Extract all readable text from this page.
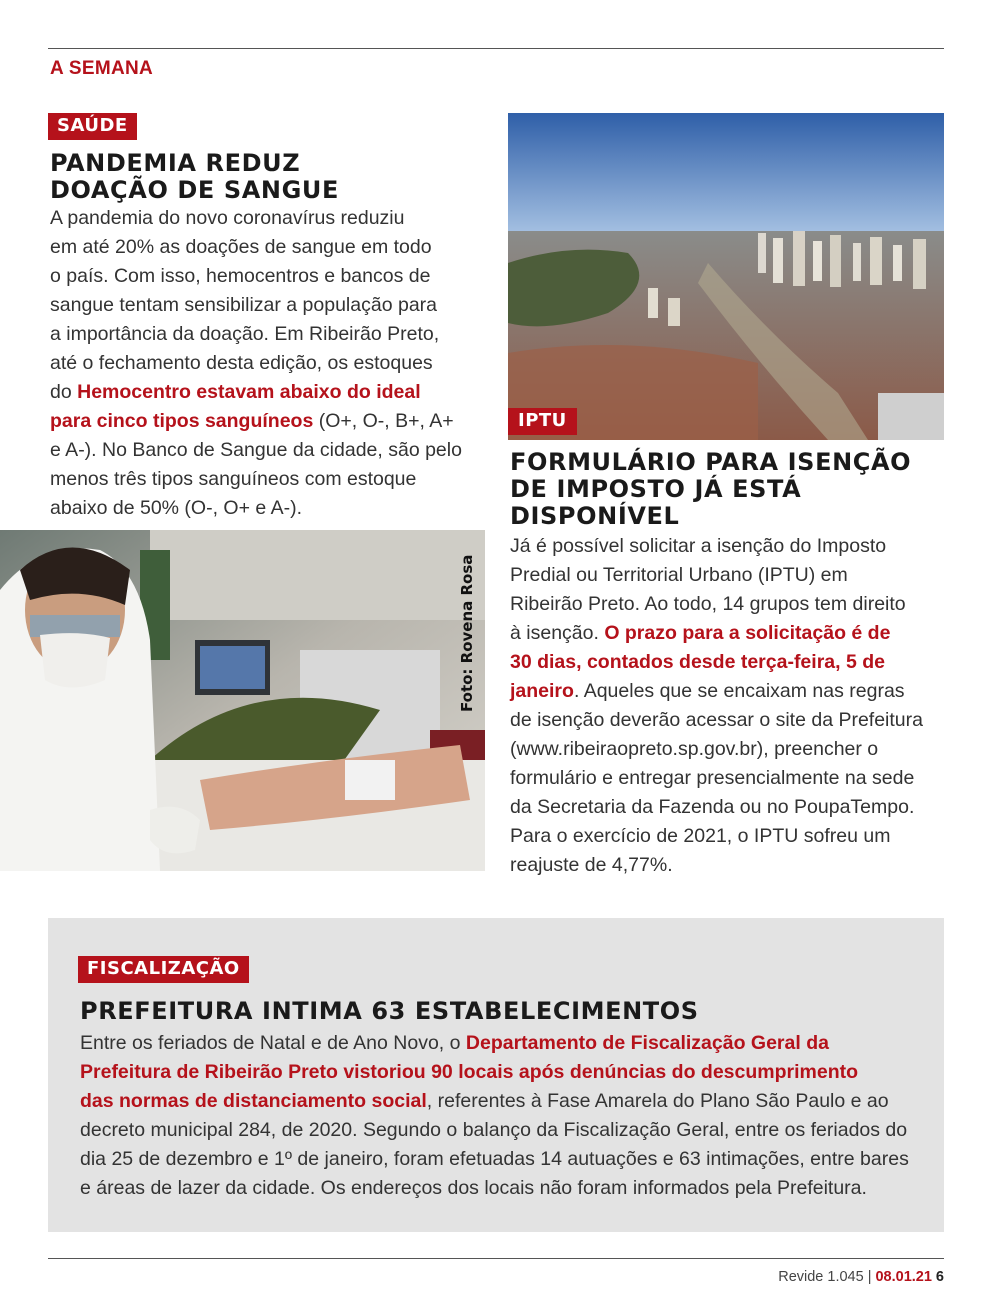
A SEMANA
SAÚDE
PANDEMIA REDUZ
DOAÇÃO DE SANGUE
A pandemia do novo coronavírus reduziu
em até 20% as doações de sangue em todo
o país. Com isso, hemocentros e bancos de
sangue tentam sensibilizar a população para
a importância da doação. Em Ribeirão Preto,
até o fechamento desta edição, os estoques
do Hemocentro estavam abaixo do ideal
para cinco tipos sanguíneos (O+, O-, B+, A+
e A-). No Banco de Sangue da cidade, são pelo
menos três tipos sanguíneos com estoque
abaixo de 50% (O-, O+ e A-).
Foto: Rovena Rosa
IPTU
FORMULÁRIO PARA ISENÇÃO
DE IMPOSTO JÁ ESTÁ
DISPONÍVEL
Já é possível solicitar a isenção do Imposto
Predial ou Territorial Urbano (IPTU) em
Ribeirão Preto. Ao todo, 14 grupos tem direito
à isenção. O prazo para a solicitação é de
30 dias, contados desde terça-feira, 5 de
janeiro. Aqueles que se encaixam nas regras
de isenção deverão acessar o site da Prefeitura
(www.ribeiraopreto.sp.gov.br), preencher o
formulário e entregar presencialmente na sede
da Secretaria da Fazenda ou no PoupaTempo.
Para o exercício de 2021, o IPTU sofreu um
reajuste de 4,77%.
FISCALIZAÇÃO
PREFEITURA INTIMA 63 ESTABELECIMENTOS
Entre os feriados de Natal e de Ano Novo, o Departamento de Fiscalização Geral da
Prefeitura de Ribeirão Preto vistoriou 90 locais após denúncias do descumprimento
das normas de distanciamento social, referentes à Fase Amarela do Plano São Paulo e ao
decreto municipal 284, de 2020. Segundo o balanço da Fiscalização Geral, entre os feriados do
dia 25 de dezembro e 1º de janeiro, foram efetuadas 14 autuações e 63 intimações, entre bares
e áreas de lazer da cidade. Os endereços dos locais não foram informados pela Prefeitura.
Revide 1.045 | 08.01.21 6
